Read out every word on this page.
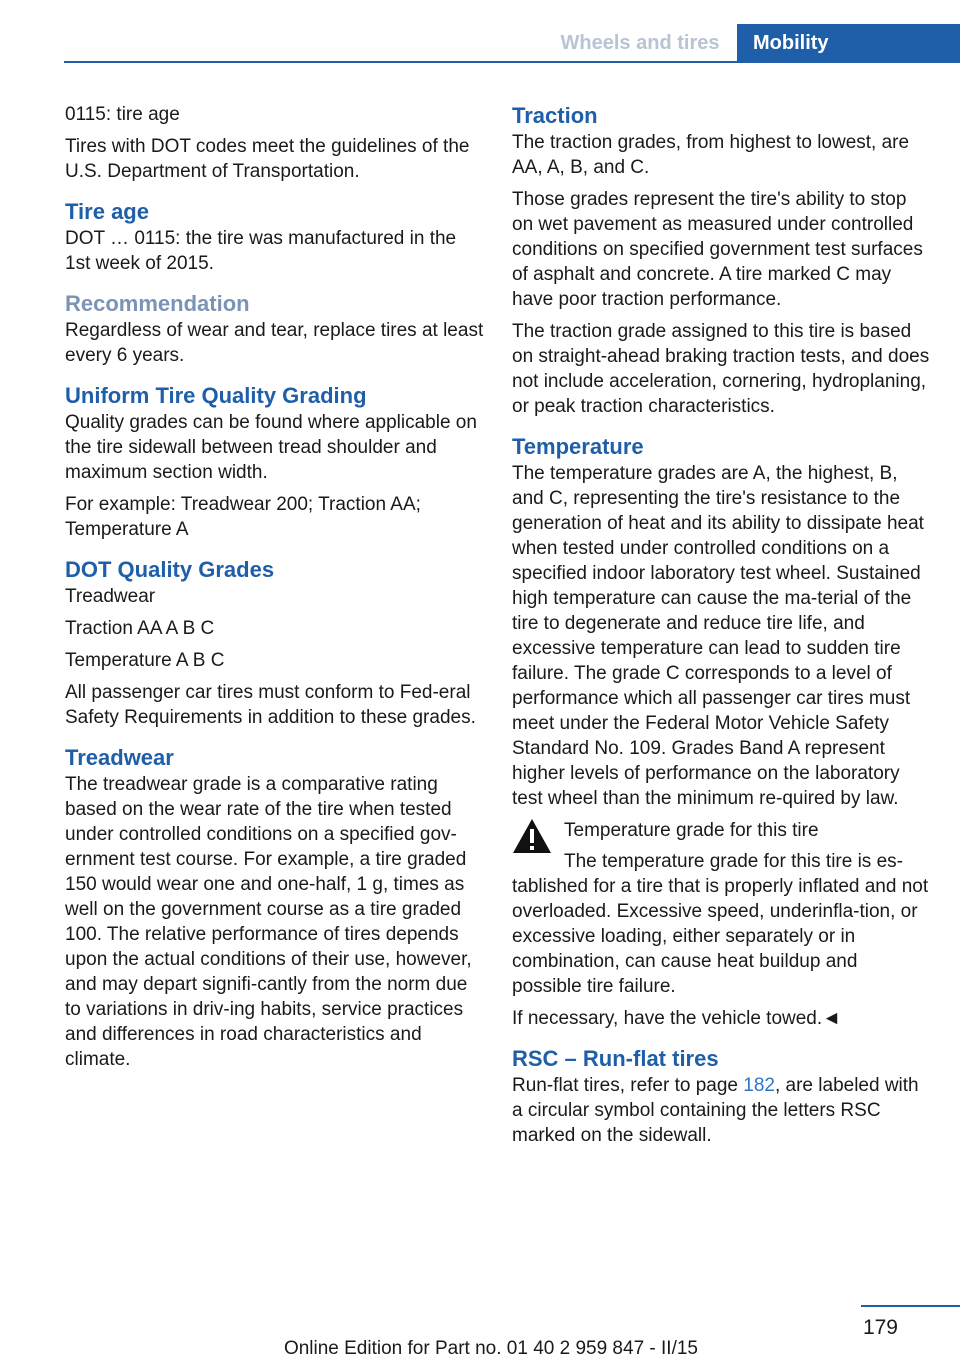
Wheels and tires	Mobility

0115: tire age

Tires with DOT codes meet the guidelines of the U.S. Department of Transportation.

Tire age

DOT … 0115: the tire was manufactured in the 1st week of 2015.

Recommendation

Regardless of wear and tear, replace tires at least every 6 years.

Uniform Tire Quality Grading

Quality grades can be found where applicable on the tire sidewall between tread shoulder and maximum section width.

For example: Treadwear 200; Traction AA; Temperature A

DOT Quality Grades

Treadwear

Traction AA A B C

Temperature A B C

All passenger car tires must conform to Fed‐eral Safety Requirements in addition to these grades.

Treadwear

The treadwear grade is a comparative rating based on the wear rate of the tire when tested under controlled conditions on a specified gov‐ernment test course. For example, a tire graded 150 would wear one and one-half, 1 g, times as well on the government course as a tire graded 100. The relative performance of tires depends upon the actual conditions of their use, however, and may depart signifi‐cantly from the norm due to variations in driv‐ing habits, service practices and differences in road characteristics and climate.

Traction

The traction grades, from highest to lowest, are AA, A, B, and C.

Those grades represent the tire's ability to stop on wet pavement as measured under controlled conditions on specified government test surfaces of asphalt and concrete. A tire marked C may have poor traction performance.

The traction grade assigned to this tire is based on straight-ahead braking traction tests, and does not include acceleration, cornering, hydroplaning, or peak traction characteristics.

Temperature

The temperature grades are A, the highest, B, and C, representing the tire's resistance to the generation of heat and its ability to dissipate heat when tested under controlled conditions on a specified indoor laboratory test wheel. Sustained high temperature can cause the ma‐terial of the tire to degenerate and reduce tire life, and excessive temperature can lead to sudden tire failure. The grade C corresponds to a level of performance which all passenger car tires must meet under the Federal Motor Vehicle Safety Standard No. 109. Grades Band A represent higher levels of performance on the laboratory test wheel than the minimum re‐quired by law.

Temperature grade for this tire

The temperature grade for this tire is es‐tablished for a tire that is properly inflated and not overloaded. Excessive speed, underinfla‐tion, or excessive loading, either separately or in combination, can cause heat buildup and possible tire failure.

If necessary, have the vehicle towed.◄

RSC – Run-flat tires

Run-flat tires, refer to page 182, are labeled with a circular symbol containing the letters RSC marked on the sidewall.

179
Online Edition for Part no. 01 40 2 959 847 - II/15
